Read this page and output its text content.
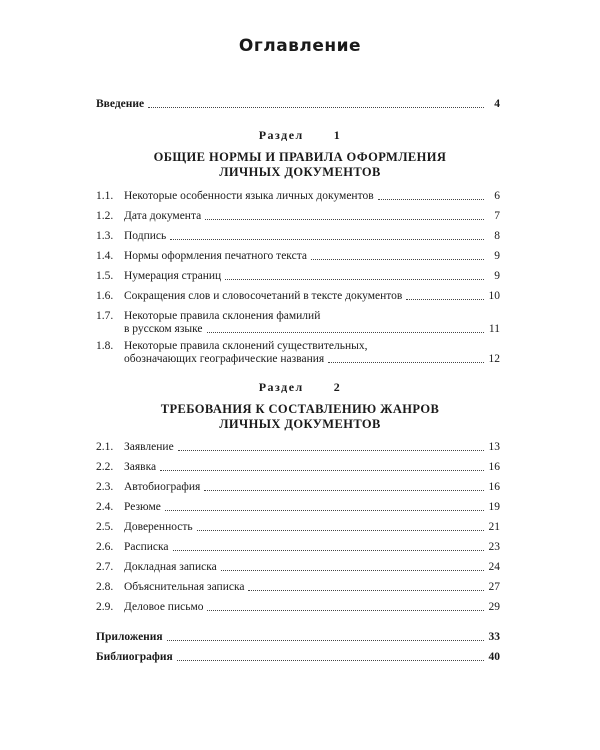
Оглавление
Введение	4
Раздел	1
ОБЩИЕ НОРМЫ И ПРАВИЛА ОФОРМЛЕНИЯ
ЛИЧНЫХ ДОКУМЕНТОВ
1.1. Некоторые особенности языка личных документов	6
1.2. Дата документа	7
1.3. Подпись	8
1.4. Нормы оформления печатного текста	9
1.5. Нумерация страниц	9
1.6. Сокращения слов и словосочетаний в тексте документов	10
1.7. Некоторые правила склонения фамилий
в русском языке	11
1.8. Некоторые правила склонений существительных,
обозначающих географические названия	12
Раздел	2
ТРЕБОВАНИЯ К СОСТАВЛЕНИЮ ЖАНРОВ
ЛИЧНЫХ ДОКУМЕНТОВ
2.1. Заявление	13
2.2. Заявка	16
2.3. Автобиография	16
2.4. Резюме	19
2.5. Доверенность	21
2.6. Расписка	23
2.7. Докладная записка	24
2.8. Объяснительная записка	27
2.9. Деловое письмо	29
Приложения	33
Библиография	40
